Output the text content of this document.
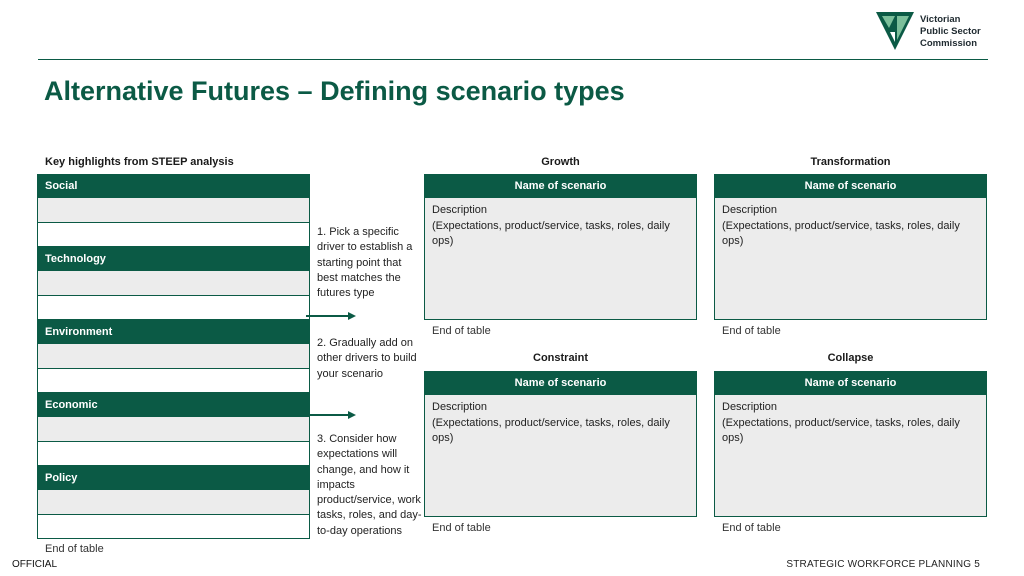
Victorian
Public Sector
Commission
Alternative Futures – Defining scenario types
Key highlights from STEEP analysis
Social
Technology
Environment
Economic
Policy
End of table
1. Pick a specific driver to establish a starting point that best matches the futures type
2. Gradually add on other drivers to build your scenario
3. Consider how expectations will change, and how it impacts product/service, work tasks, roles, and day-to-day operations
Growth
Name of scenario
Description
(Expectations, product/service, tasks, roles, daily ops)
End of table
Transformation
Name of scenario
Description
(Expectations, product/service, tasks, roles, daily ops)
End of table
Constraint
Name of scenario
Description
(Expectations, product/service, tasks, roles, daily ops)
End of table
Collapse
Name of scenario
Description
(Expectations, product/service, tasks, roles, daily ops)
End of table
OFFICIAL	STRATEGIC WORKFORCE PLANNING 5
